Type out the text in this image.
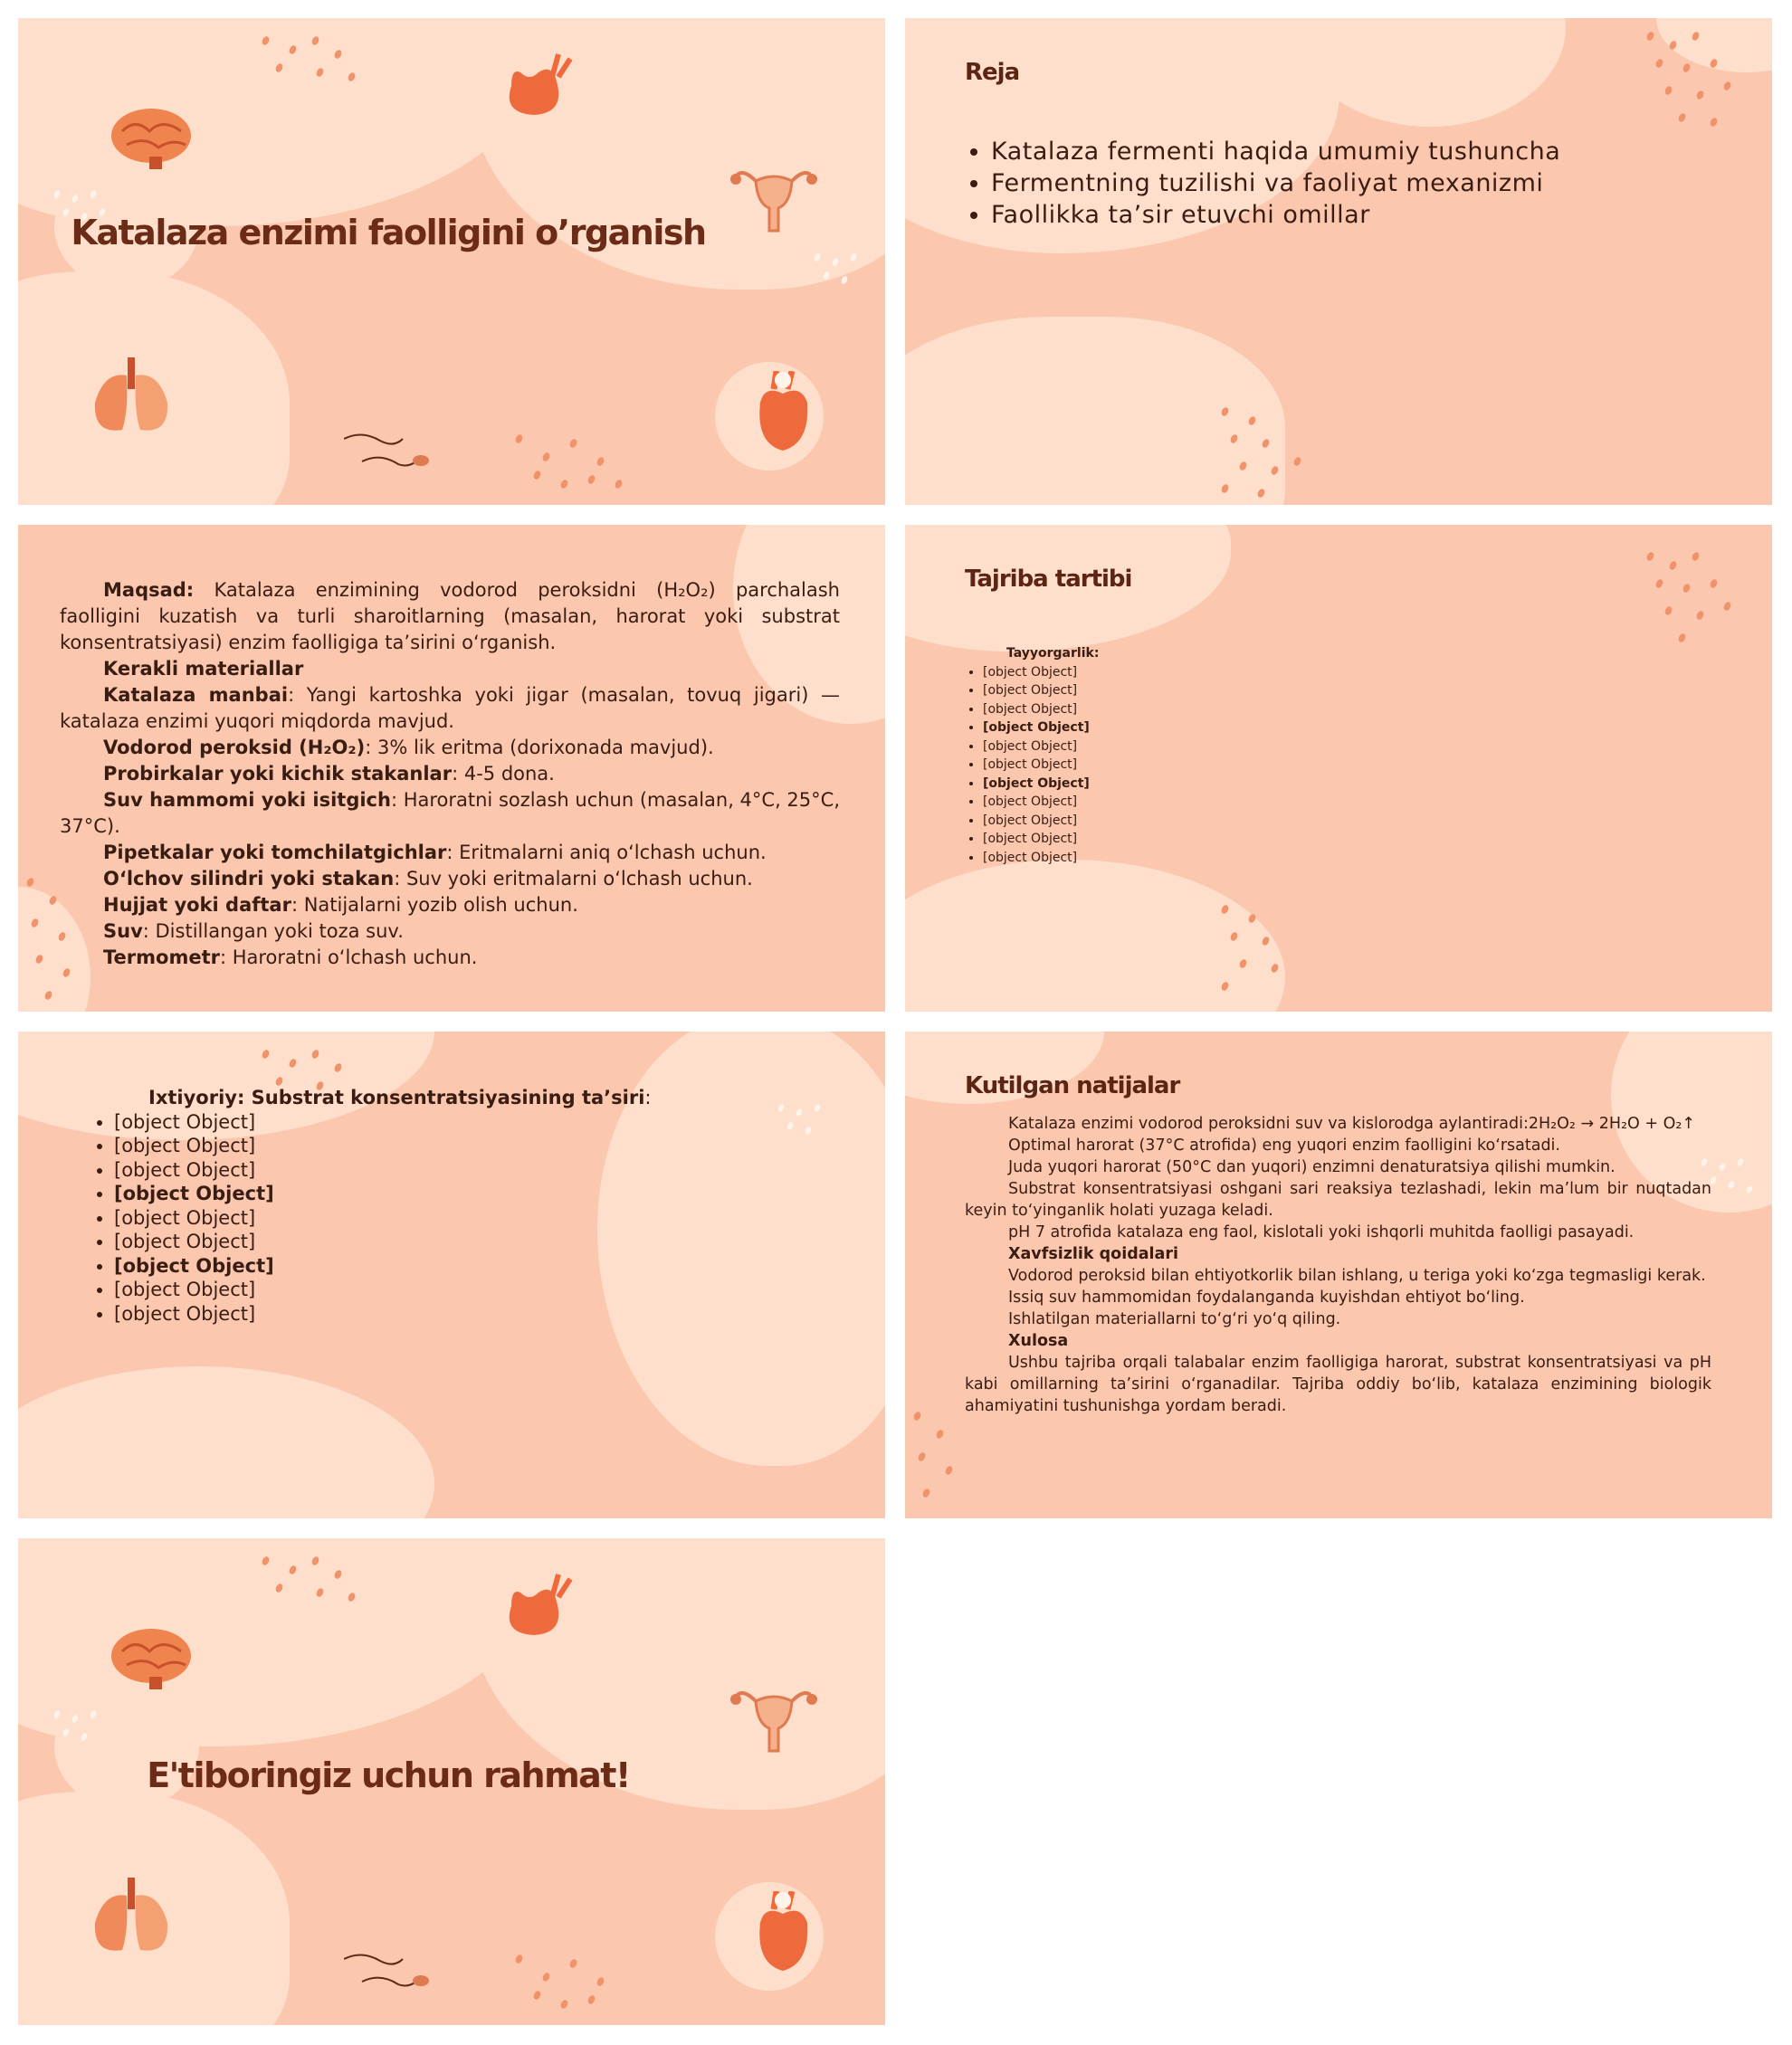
Katalaza enzimi faolligini o’rganish
Reja
• Katalaza fermenti haqida umumiy tushuncha
• Fermentning tuzilishi va faoliyat mexanizmi
• Faollikka ta’sir etuvchi omillar
Maqsad: Katalaza enzimining vodorod peroksidni (H₂O₂) parchalash faolligini kuzatish va turli sharoitlarning (masalan, harorat yoki substrat konsentratsiyasi) enzim faolligiga ta’sirini o‘rganish.
Kerakli materiallar
Katalaza manbai: Yangi kartoshka yoki jigar (masalan, tovuq jigari) — katalaza enzimi yuqori miqdorda mavjud.
Vodorod peroksid (H₂O₂): 3% lik eritma (dorixonada mavjud).
Probirkalar yoki kichik stakanlar: 4-5 dona.
Suv hammomi yoki isitgich: Haroratni sozlash uchun (masalan, 4°C, 25°C, 37°C).
Pipetkalar yoki tomchilatgichlar: Eritmalarni aniq o‘lchash uchun.
O‘lchov silindri yoki stakan: Suv yoki eritmalarni o‘lchash uchun.
Hujjat yoki daftar: Natijalarni yozib olish uchun.
Suv: Distillangan yoki toza suv.
Termometr: Haroratni o‘lchash uchun.
Tajriba tartibi
Tayyorgarlik:
• [object Object]
• [object Object]
• [object Object]
• [object Object]
• [object Object]
• [object Object]
• [object Object]
• [object Object]
• [object Object]
• [object Object]
• [object Object]
Ixtiyoriy: Substrat konsentratsiyasining ta’siri:
• [object Object]
• [object Object]
• [object Object]
• [object Object]
• [object Object]
• [object Object]
• [object Object]
• [object Object]
• [object Object]
Kutilgan natijalar
Katalaza enzimi vodorod peroksidni suv va kislorodga aylantiradi:2H₂O₂ → 2H₂O + O₂↑
Optimal harorat (37°C atrofida) eng yuqori enzim faolligini ko‘rsatadi.
Juda yuqori harorat (50°C dan yuqori) enzimni denaturatsiya qilishi mumkin.
Substrat konsentratsiyasi oshgani sari reaksiya tezlashadi, lekin ma’lum bir nuqtadan keyin to‘yinganlik holati yuzaga keladi.
pH 7 atrofida katalaza eng faol, kislotali yoki ishqorli muhitda faolligi pasayadi.
Xavfsizlik qoidalari
Vodorod peroksid bilan ehtiyotkorlik bilan ishlang, u teriga yoki ko‘zga tegmasligi kerak.
Issiq suv hammomidan foydalanganda kuyishdan ehtiyot bo‘ling.
Ishlatilgan materiallarni to‘g‘ri yo‘q qiling.
Xulosa
Ushbu tajriba orqali talabalar enzim faolligiga harorat, substrat konsentratsiyasi va pH kabi omillarning ta’sirini o‘rganadilar. Tajriba oddiy bo‘lib, katalaza enzimining biologik ahamiyatini tushunishga yordam beradi.
E'tiboringiz uchun rahmat!
